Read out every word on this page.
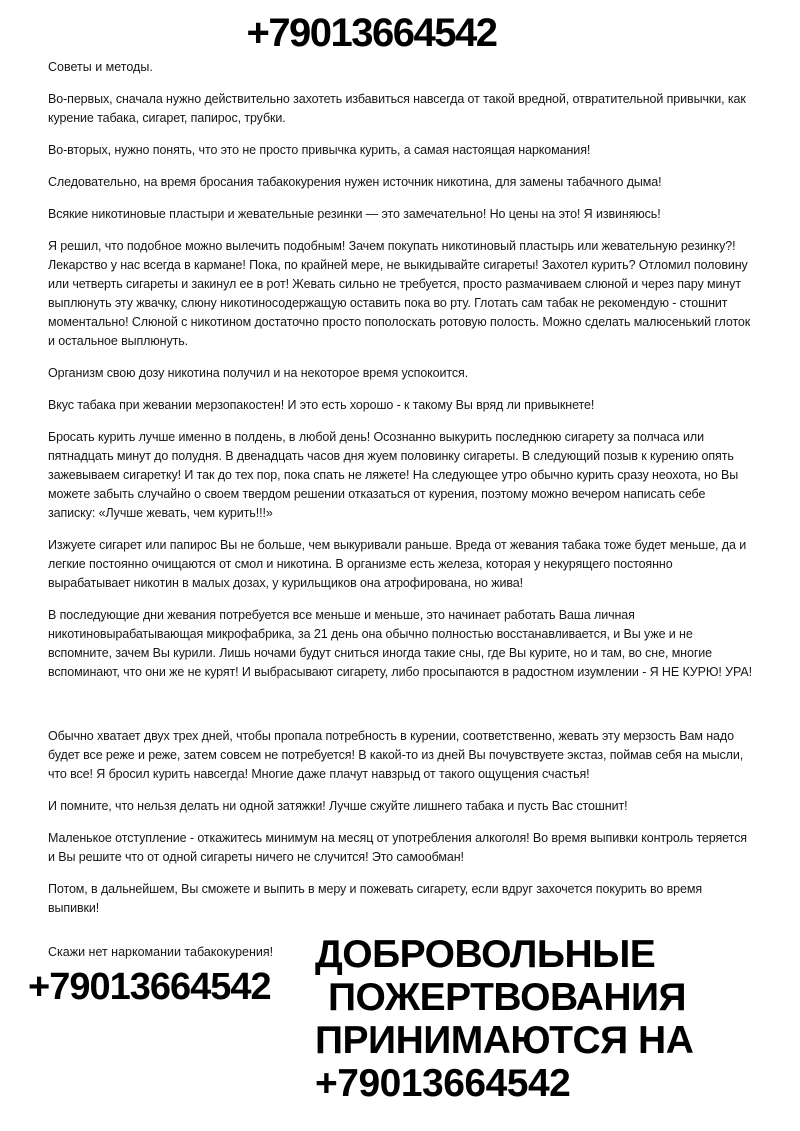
+79013664542

Советы и методы.

Во-первых, сначала нужно действительно захотеть избавиться навсегда от такой вредной, отвратительной привычки, как курение табака, сигарет, папирос, трубки.

Во-вторых, нужно понять, что это не просто привычка курить, а самая настоящая наркомания!

Следовательно, на время бросания табакокурения нужен источник никотина, для замены табачного дыма!

Всякие никотиновые пластыри и жевательные резинки — это замечательно! Но цены на это! Я извиняюсь!

Я решил, что подобное можно вылечить подобным! Зачем покупать никотиновый пластырь или жевательную резинку?! Лекарство у нас всегда в кармане! Пока, по крайней мере, не выкидывайте сигареты! Захотел курить? Отломил половину или четверть сигареты и закинул ее в рот! Жевать сильно не требуется, просто размачиваем слюной и через пару минут выплюнуть эту жвачку, слюну никотиносодержащую оставить пока во рту. Глотать сам табак не рекомендую - стошнит моментально! Слюной с никотином достаточно просто пополоскать ротовую полость. Можно сделать малюсенький глоток и остальное выплюнуть.

Организм свою дозу никотина получил и на некоторое время успокоится.

Вкус табака при жевании мерзопакостен! И это есть хорошо - к такому Вы вряд ли привыкнете!

Бросать курить лучше именно в полдень, в любой день! Осознанно выкурить последнюю сигарету за полчаса или пятнадцать минут до полудня. В двенадцать часов дня жуем половинку сигареты. В следующий позыв к курению опять зажевываем сигаретку! И так до тех пор, пока спать не ляжете! На следующее утро обычно курить сразу неохота, но Вы можете забыть случайно о своем твердом решении отказаться от курения, поэтому можно вечером написать себе записку: «Лучше жевать, чем курить!!!»

Изжуете сигарет или папирос Вы не больше, чем выкуривали раньше. Вреда от жевания табака тоже будет меньше, да и легкие постоянно очищаются от смол и никотина. В организме есть железа, которая у некурящего постоянно вырабатывает никотин в малых дозах, у курильщиков она атрофирована, но жива!

В последующие дни жевания потребуется все меньше и меньше, это начинает работать Ваша личная никотиновырабатывающая микрофабрика, за 21 день она обычно полностью восстанавливается, и Вы уже и не вспомните, зачем Вы курили. Лишь ночами будут сниться иногда такие сны, где Вы курите, но и там, во сне, многие вспоминают, что они же не курят! И выбрасывают сигарету, либо просыпаются в радостном изумлении - Я НЕ КУРЮ! УРА!

Обычно хватает двух трех дней, чтобы пропала потребность в курении, соответственно, жевать эту мерзость Вам надо будет все реже и реже, затем совсем не потребуется! В какой-то из дней Вы почувствуете экстаз, поймав себя на мысли, что все! Я бросил курить навсегда! Многие даже плачут навзрыд от такого ощущения счастья!

И помните, что нельзя делать ни одной затяжки! Лучше сжуйте лишнего табака и пусть Вас стошнит!

Маленькое отступление - откажитесь минимум на месяц от употребления алкоголя! Во время выпивки контроль теряется и Вы решите что от одной сигареты ничего не случится! Это самообман!

Потом, в дальнейшем, Вы сможете и выпить в меру и пожевать сигарету, если вдруг захочется покурить во время выпивки!

Скажи нет наркомании табакокурения!

+79013664542
ДОБРОВОЛЬНЫЕ
ПОЖЕРТВОВАНИЯ
ПРИНИМАЮТСЯ НА
+79013664542
